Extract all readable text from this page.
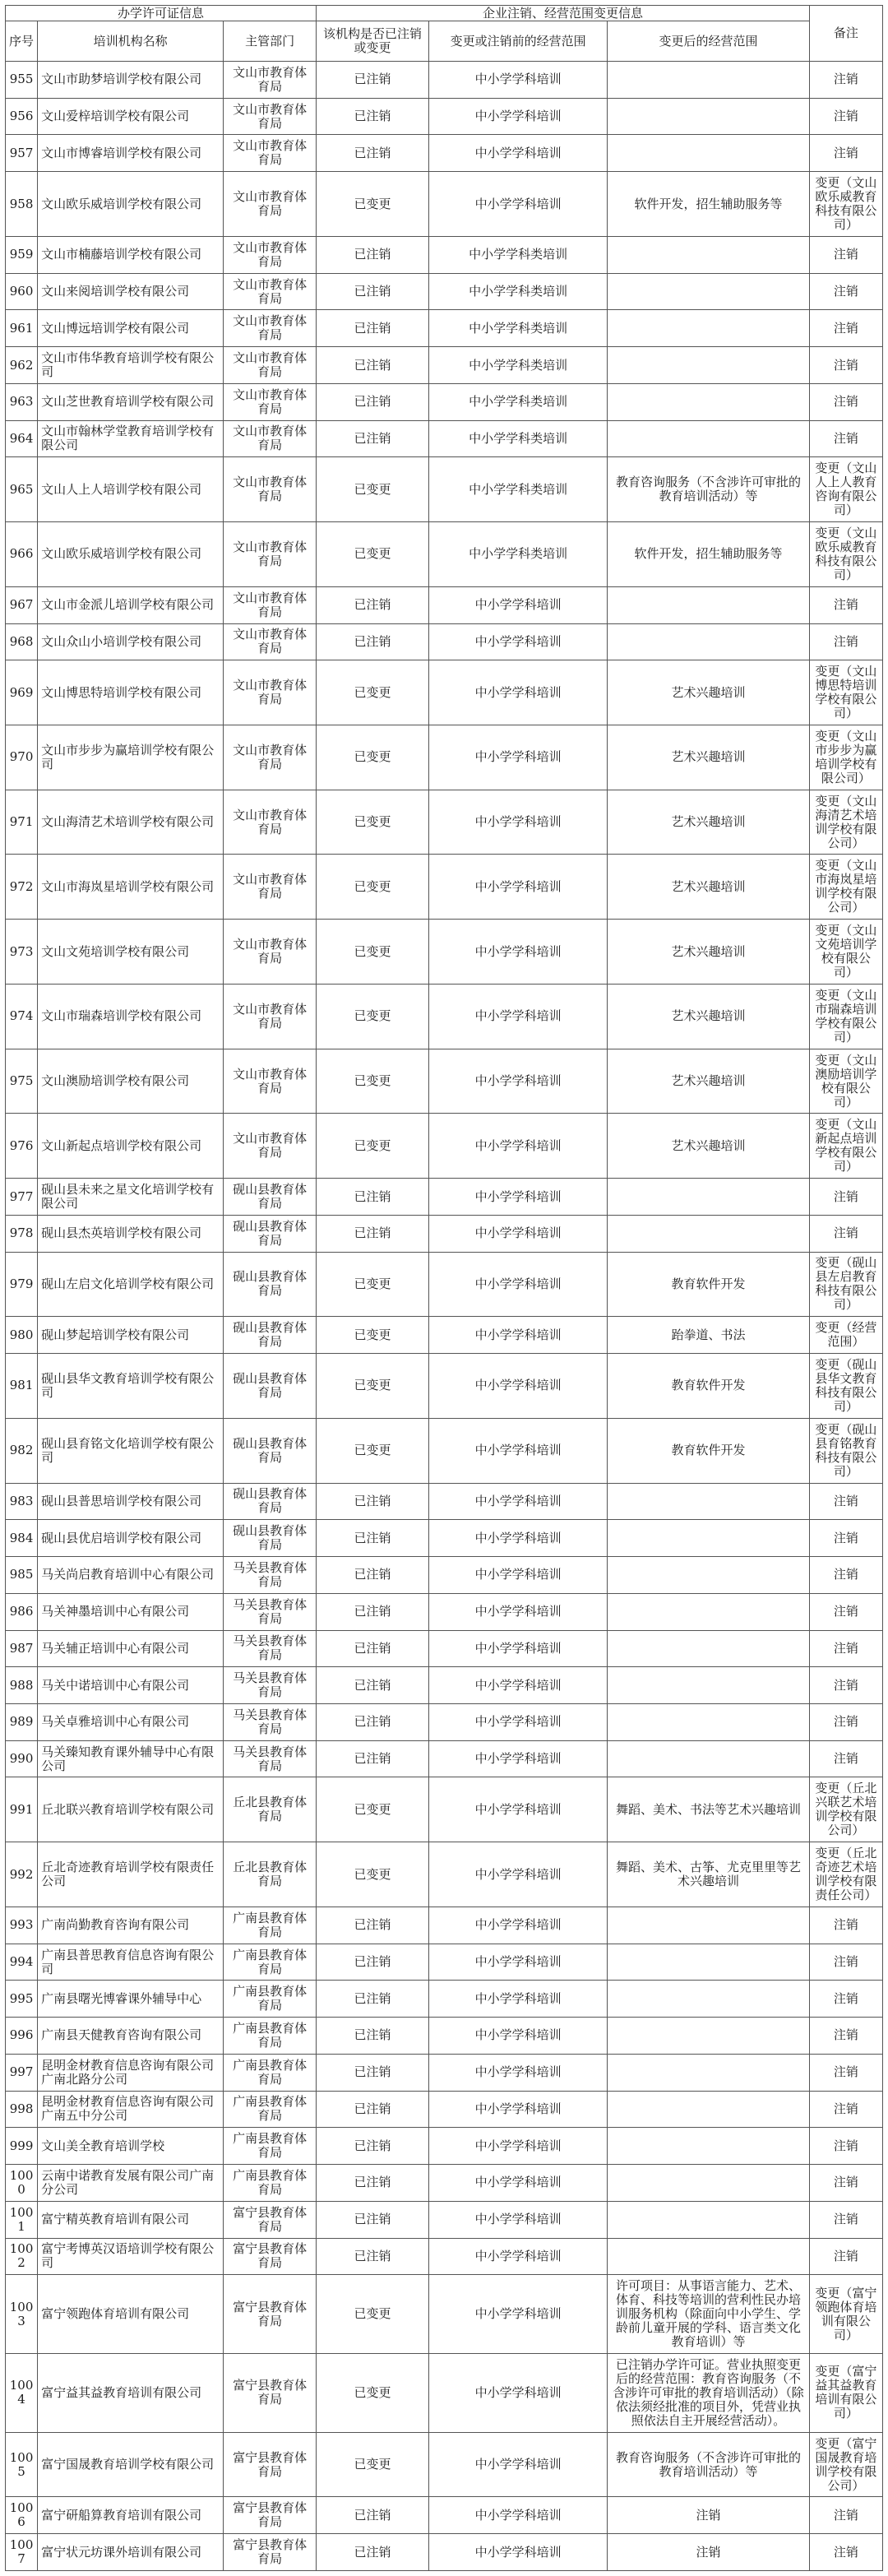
办学许可证信息			企业注销、经营范围变更信息			备注
序号	培训机构名称	主管部门	该机构是否已注销或变更	变更或注销前的经营范围	变更后的经营范围	
955	文山市助梦培训学校有限公司	文山市教育体育局	已注销	中小学学科培训		注销
956	文山爱梓培训学校有限公司	文山市教育体育局	已注销	中小学学科培训		注销
957	文山市博睿培训学校有限公司	文山市教育体育局	已注销	中小学学科培训		注销
958	文山欧乐威培训学校有限公司	文山市教育体育局	已变更	中小学学科培训	软件开发，招生辅助服务等	变更（文山欧乐威教育科技有限公司）
959	文山市楠藤培训学校有限公司	文山市教育体育局	已注销	中小学学科类培训		注销
960	文山来阅培训学校有限公司	文山市教育体育局	已注销	中小学学科类培训		注销
961	文山博远培训学校有限公司	文山市教育体育局	已注销	中小学学科类培训		注销
962	文山市伟华教育培训学校有限公司	文山市教育体育局	已注销	中小学学科类培训		注销
963	文山芝世教育培训学校有限公司	文山市教育体育局	已注销	中小学学科类培训		注销
964	文山市翰林学堂教育培训学校有限公司	文山市教育体育局	已注销	中小学学科类培训		注销
965	文山人上人培训学校有限公司	文山市教育体育局	已变更	中小学学科类培训	教育咨询服务（不含涉许可审批的教育培训活动）等	变更（文山人上人教育咨询有限公司）
966	文山欧乐威培训学校有限公司	文山市教育体育局	已变更	中小学学科类培训	软件开发，招生辅助服务等	变更（文山欧乐威教育科技有限公司）
967	文山市金派儿培训学校有限公司	文山市教育体育局	已注销	中小学学科培训		注销
968	文山众山小培训学校有限公司	文山市教育体育局	已注销	中小学学科培训		注销
969	文山博思特培训学校有限公司	文山市教育体育局	已变更	中小学学科培训	艺术兴趣培训	变更（文山博思特培训学校有限公司）
970	文山市步步为赢培训学校有限公司	文山市教育体育局	已变更	中小学学科培训	艺术兴趣培训	变更（文山市步步为赢培训学校有限公司）
971	文山海清艺术培训学校有限公司	文山市教育体育局	已变更	中小学学科培训	艺术兴趣培训	变更（文山海清艺术培训学校有限公司）
972	文山市海岚星培训学校有限公司	文山市教育体育局	已变更	中小学学科培训	艺术兴趣培训	变更（文山市海岚星培训学校有限公司）
973	文山文苑培训学校有限公司	文山市教育体育局	已变更	中小学学科培训	艺术兴趣培训	变更（文山文苑培训学校有限公司）
974	文山市瑞森培训学校有限公司	文山市教育体育局	已变更	中小学学科培训	艺术兴趣培训	变更（文山市瑞森培训学校有限公司）
975	文山澳励培训学校有限公司	文山市教育体育局	已变更	中小学学科培训	艺术兴趣培训	变更（文山澳励培训学校有限公司）
976	文山新起点培训学校有限公司	文山市教育体育局	已变更	中小学学科培训	艺术兴趣培训	变更（文山新起点培训学校有限公司）
977	砚山县未来之星文化培训学校有限公司	砚山县教育体育局	已注销	中小学学科培训		注销
978	砚山县杰英培训学校有限公司	砚山县教育体育局	已注销	中小学学科培训		注销
979	砚山左启文化培训学校有限公司	砚山县教育体育局	已变更	中小学学科培训	教育软件开发	变更（砚山县左启教育科技有限公司）
980	砚山梦起培训学校有限公司	砚山县教育体育局	已变更	中小学学科培训	跆拳道、书法	变更（经营范围）
981	砚山县华文教育培训学校有限公司	砚山县教育体育局	已变更	中小学学科培训	教育软件开发	变更（砚山县华文教育科技有限公司）
982	砚山县育铭文化培训学校有限公司	砚山县教育体育局	已变更	中小学学科培训	教育软件开发	变更（砚山县育铭教育科技有限公司）
983	砚山县普思培训学校有限公司	砚山县教育体育局	已注销	中小学学科培训		注销
984	砚山县优启培训学校有限公司	砚山县教育体育局	已注销	中小学学科培训		注销
985	马关尚启教育培训中心有限公司	马关县教育体育局	已注销	中小学学科培训		注销
986	马关神墨培训中心有限公司	马关县教育体育局	已注销	中小学学科培训		注销
987	马关辅正培训中心有限公司	马关县教育体育局	已注销	中小学学科培训		注销
988	马关中诺培训中心有限公司	马关县教育体育局	已注销	中小学学科培训		注销
989	马关卓雅培训中心有限公司	马关县教育体育局	已注销	中小学学科培训		注销
990	马关臻知教育课外辅导中心有限公司	马关县教育体育局	已注销	中小学学科培训		注销
991	丘北联兴教育培训学校有限公司	丘北县教育体育局	已变更	中小学学科培训	舞蹈、美术、书法等艺术兴趣培训	变更（丘北兴联艺术培训学校有限公司）
992	丘北奇迹教育培训学校有限责任公司	丘北县教育体育局	已变更	中小学学科培训	舞蹈、美术、古筝、尤克里里等艺术兴趣培训	变更（丘北奇迹艺术培训学校有限责任公司）
993	广南尚勤教育咨询有限公司	广南县教育体育局	已注销	中小学学科培训		注销
994	广南县普思教育信息咨询有限公司	广南县教育体育局	已注销	中小学学科培训		注销
995	广南县曙光博睿课外辅导中心	广南县教育体育局	已注销	中小学学科培训		注销
996	广南县天健教育咨询有限公司	广南县教育体育局	已注销	中小学学科培训		注销
997	昆明金材教育信息咨询有限公司广南北路分公司	广南县教育体育局	已注销	中小学学科培训		注销
998	昆明金材教育信息咨询有限公司广南五中分公司	广南县教育体育局	已注销	中小学学科培训		注销
999	文山美全教育培训学校	广南县教育体育局	已注销	中小学学科培训		注销
1000	云南中诺教育发展有限公司广南分公司	广南县教育体育局	已注销	中小学学科培训		注销
1001	富宁精英教育培训有限公司	富宁县教育体育局	已注销	中小学学科培训		注销
1002	富宁考博英汉语培训学校有限公司	富宁县教育体育局	已注销	中小学学科培训		注销
1003	富宁领跑体育培训有限公司	富宁县教育体育局	已变更	中小学学科培训	许可项目：从事语言能力、艺术、体育、科技等培训的营利性民办培训服务机构（除面向中小学生、学龄前儿童开展的学科、语言类文化教育培训）等	变更（富宁领跑体育培训有限公司）
1004	富宁益其益教育培训有限公司	富宁县教育体育局	已变更	中小学学科培训	已注销办学许可证。营业执照变更后的经营范围：教育咨询服务（不含涉许可审批的教育培训活动）（除依法须经批准的项目外，凭营业执照依法自主开展经营活动）。	变更（富宁益其益教育培训有限公司）
1005	富宁国晟教育培训学校有限公司	富宁县教育体育局	已变更	中小学学科培训	教育咨询服务（不含涉许可审批的教育培训活动）等	变更（富宁国晟教育培训学校有限公司）
1006	富宁研船算教育培训有限公司	富宁县教育体育局	已注销	中小学学科培训	注销	注销
1007	富宁状元坊课外培训有限公司	富宁县教育体育局	已注销	中小学学科培训	注销	注销
